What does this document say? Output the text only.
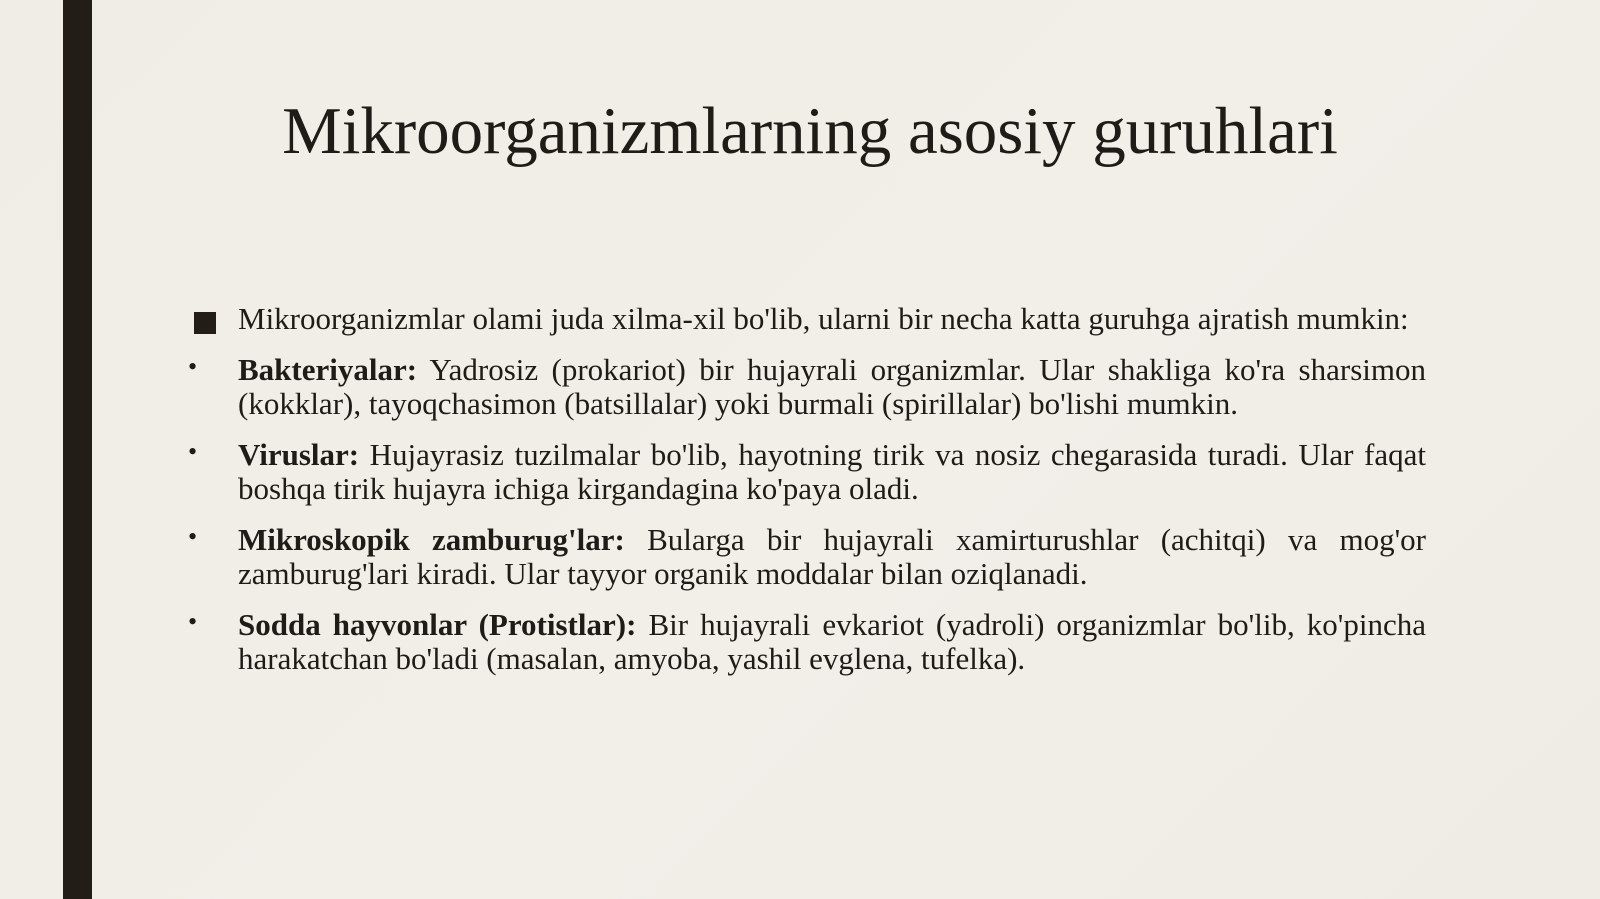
Mikroorganizmlarning asosiy guruhlari

Mikroorganizmlar olami juda xilma-xil bo'lib, ularni bir necha katta guruhga ajratish mumkin:

• Bakteriyalar: Yadrosiz (prokariot) bir hujayrali organizmlar. Ular shakliga ko'ra sharsimon (kokklar), tayoqchasimon (batsillalar) yoki burmali (spirillalar) bo'lishi mumkin.

• Viruslar: Hujayrasiz tuzilmalar bo'lib, hayotning tirik va nosiz chegarasida turadi. Ular faqat boshqa tirik hujayra ichiga kirgandagina ko'paya oladi.

• Mikroskopik zamburug'lar: Bularga bir hujayrali xamirturushlar (achitqi) va mog'or zamburug'lari kiradi. Ular tayyor organik moddalar bilan oziqlanadi.

• Sodda hayvonlar (Protistlar): Bir hujayrali evkariot (yadroli) organizmlar bo'lib, ko'pincha harakatchan bo'ladi (masalan, amyoba, yashil evglena, tufelka).
